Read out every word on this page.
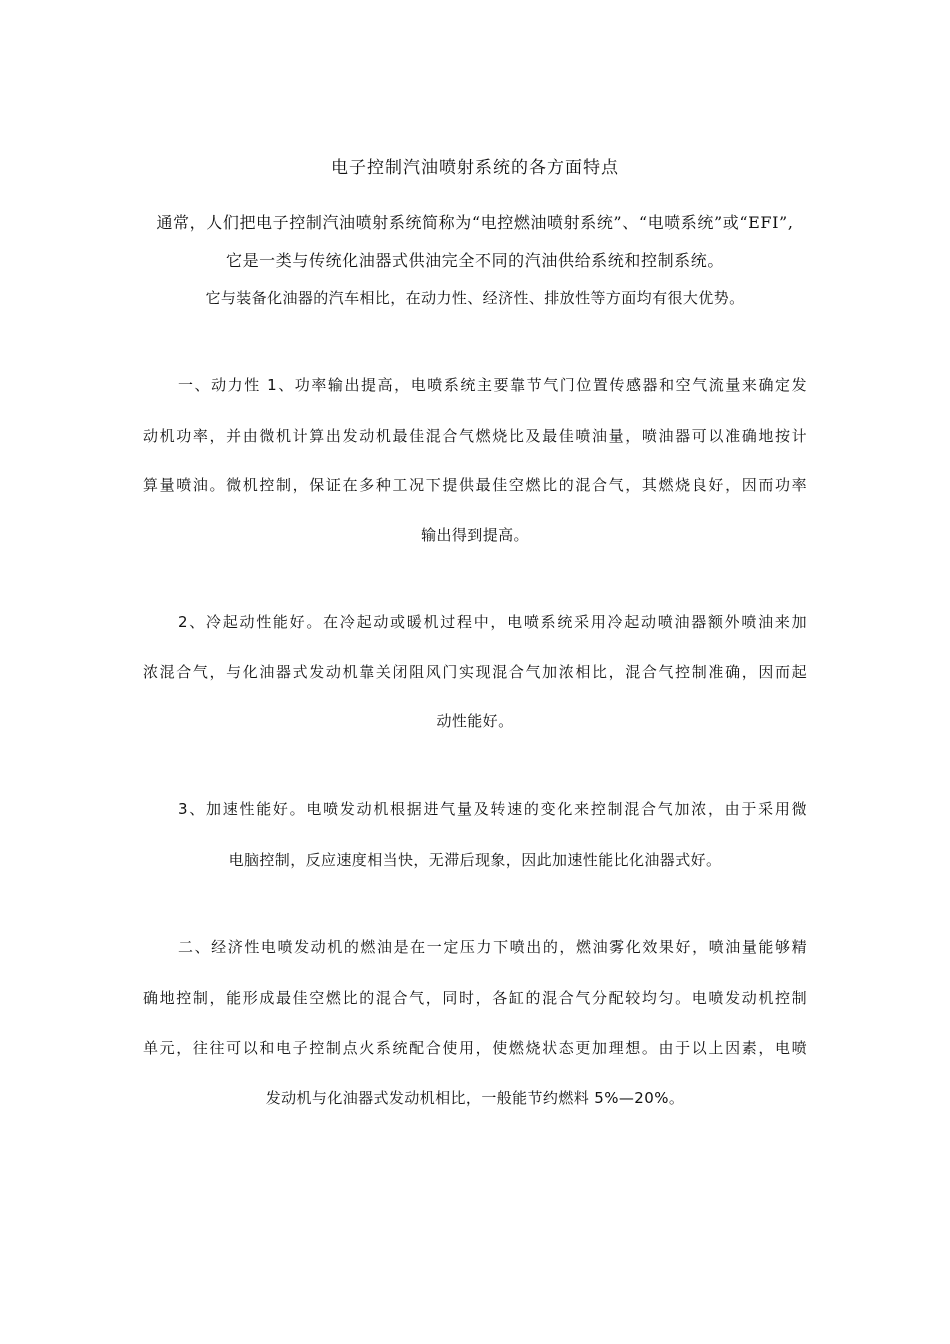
电子控制汽油喷射系统的各方面特点
通常，人们把电子控制汽油喷射系统简称为“电控燃油喷射系统”、“电喷系统”或“EFI”,
它是一类与传统化油器式供油完全不同的汽油供给系统和控制系统。
它与装备化油器的汽车相比，在动力性、经济性、排放性等方面均有很大优势。
一、动力性 1、功率输出提高，电喷系统主要靠节气门位置传感器和空气流量来确定发
动机功率，并由微机计算出发动机最佳混合气燃烧比及最佳喷油量，喷油器可以准确地按计
算量喷油。微机控制，保证在多种工况下提供最佳空燃比的混合气，其燃烧良好，因而功率
输出得到提高。
2、冷起动性能好。在冷起动或暖机过程中，电喷系统采用冷起动喷油器额外喷油来加
浓混合气，与化油器式发动机靠关闭阻风门实现混合气加浓相比，混合气控制准确，因而起
动性能好。
3、加速性能好。电喷发动机根据进气量及转速的变化来控制混合气加浓，由于采用微
电脑控制，反应速度相当快，无滞后现象，因此加速性能比化油器式好。
二、经济性电喷发动机的燃油是在一定压力下喷出的，燃油雾化效果好，喷油量能够精
确地控制，能形成最佳空燃比的混合气，同时，各缸的混合气分配较均匀。电喷发动机控制
单元，往往可以和电子控制点火系统配合使用，使燃烧状态更加理想。由于以上因素，电喷
发动机与化油器式发动机相比，一般能节约燃料 5%—20%。
